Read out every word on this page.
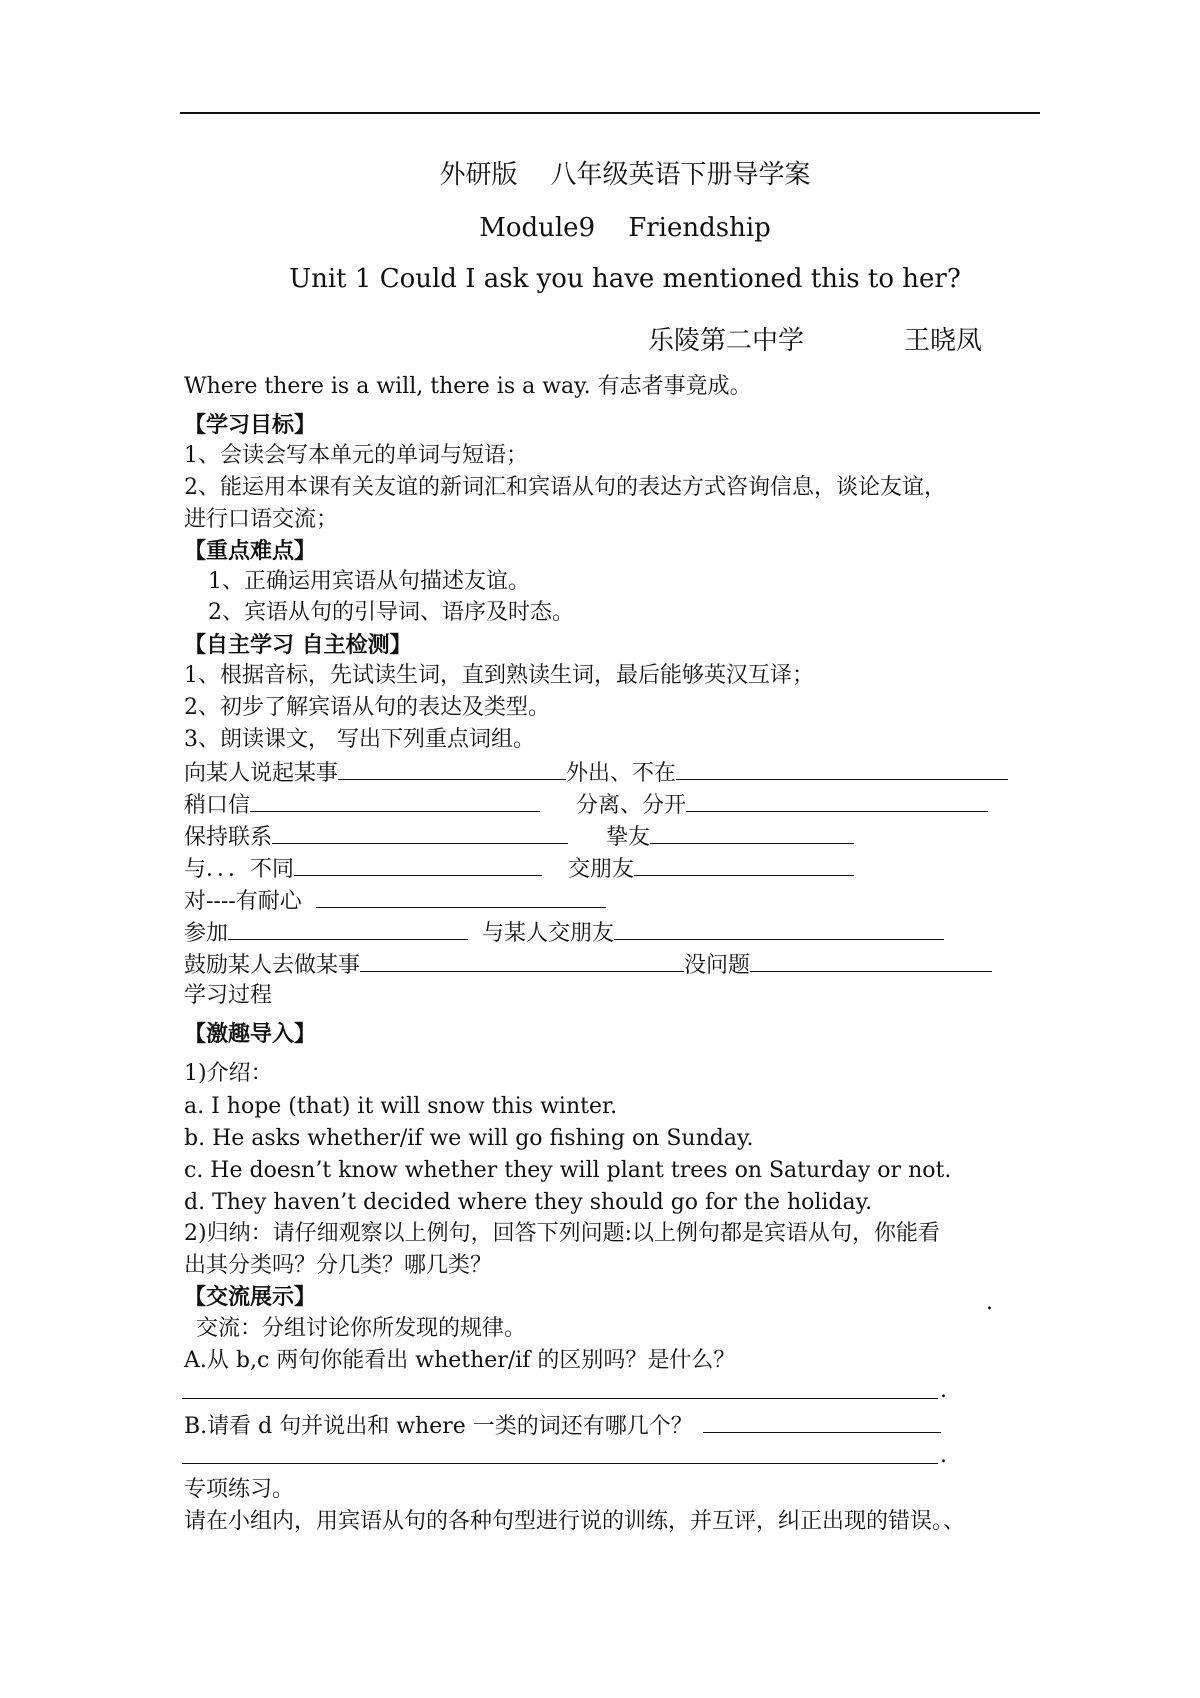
外研版 八年级英语下册导学案
Module9 Friendship
Unit 1 Could I ask you have mentioned this to her?
乐陵第二中学	王晓凤
Where there is a will, there is a way. 有志者事竟成。
【学习目标】
1、会读会写本单元的单词与短语；
2、能运用本课有关友谊的新词汇和宾语从句的表达方式咨询信息，谈论友谊，
进行口语交流；
【重点难点】
1、正确运用宾语从句描述友谊。
2、宾语从句的引导词、语序及时态。
【自主学习 自主检测】
1、根据音标，先试读生词，直到熟读生词，最后能够英汉互译；
2、初步了解宾语从句的表达及类型。
3、朗读课文， 写出下列重点词组。
向某人说起某事	外出、不在
稍口信	分离、分开
保持联系	挚友
与．．．不同	交朋友
对----有耐心
参加	与某人交朋友
鼓励某人去做某事	没问题
学习过程
【激趣导入】
1)介绍：
a. I hope (that) it will snow this winter.
b. He asks whether/if we will go fishing on Sunday.
c. He doesn’t know whether they will plant trees on Saturday or not.
d. They haven’t decided where they should go for the holiday.
2)归纳：请仔细观察以上例句，回答下列问题:以上例句都是宾语从句，你能看
出其分类吗？分几类？哪几类？
【交流展示】	.
交流：分组讨论你所发现的规律。
A.从 b,c 两句你能看出 whether/if 的区别吗？是什么？
.
B.请看 d 句并说出和 where 一类的词还有哪几个？
.
专项练习。
请在小组内，用宾语从句的各种句型进行说的训练，并互评，纠正出现的错误。、
